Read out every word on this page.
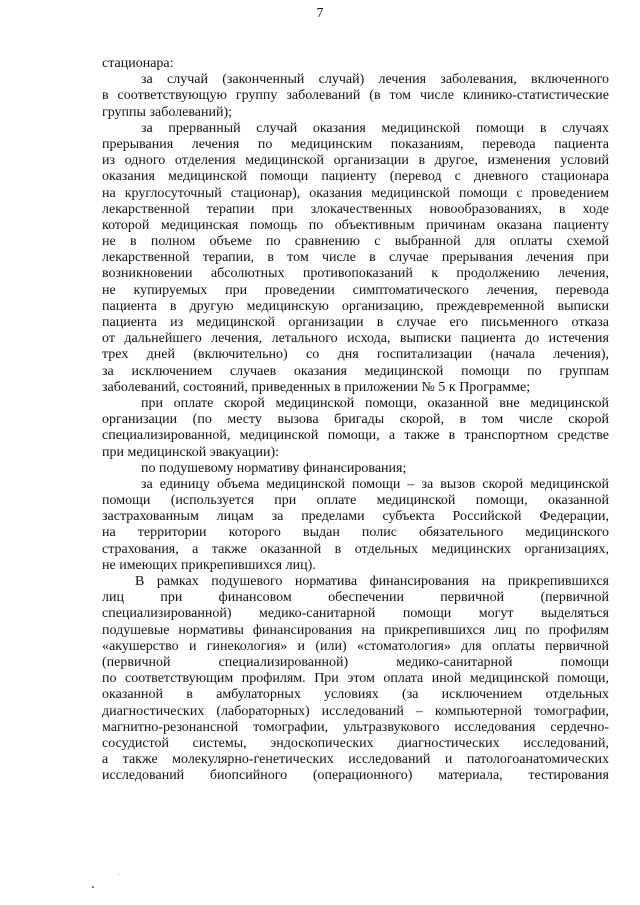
7
стационара:
за случай (законченный случай) лечения заболевания, включенного
в соответствующую группу заболеваний (в том числе клинико-статистические
группы заболеваний);
за прерванный случай оказания медицинской помощи в случаях
прерывания лечения по медицинским показаниям, перевода пациента
из одного отделения медицинской организации в другое, изменения условий
оказания медицинской помощи пациенту (перевод с дневного стационара
на круглосуточный стационар), оказания медицинской помощи с проведением
лекарственной терапии при злокачественных новообразованиях, в ходе
которой медицинская помощь по объективным причинам оказана пациенту
не в полном объеме по сравнению с выбранной для оплаты схемой
лекарственной терапии, в том числе в случае прерывания лечения при
возникновении абсолютных противопоказаний к продолжению лечения,
не купируемых при проведении симптоматического лечения, перевода
пациента в другую медицинскую организацию, преждевременной выписки
пациента из медицинской организации в случае его письменного отказа
от дальнейшего лечения, летального исхода, выписки пациента до истечения
трех дней (включительно) со дня госпитализации (начала лечения),
за исключением случаев оказания медицинской помощи по группам
заболеваний, состояний, приведенных в приложении № 5 к Программе;
при оплате скорой медицинской помощи, оказанной вне медицинской
организации (по месту вызова бригады скорой, в том числе скорой
специализированной, медицинской помощи, а также в транспортном средстве
при медицинской эвакуации):
по подушевому нормативу финансирования;
за единицу объема медицинской помощи – за вызов скорой медицинской
помощи (используется при оплате медицинской помощи, оказанной
застрахованным лицам за пределами субъекта Российской Федерации,
на территории которого выдан полис обязательного медицинского
страхования, а также оказанной в отдельных медицинских организациях,
не имеющих прикрепившихся лиц).
В рамках подушевого норматива финансирования на прикрепившихся
лиц при финансовом обеспечении первичной (первичной
специализированной) медико-санитарной помощи могут выделяться
подушевые нормативы финансирования на прикрепившихся лиц по профилям
«акушерство и гинекология» и (или) «стоматология» для оплаты первичной
(первичной специализированной) медико-санитарной помощи
по соответствующим профилям. При этом оплата иной медицинской помощи,
оказанной в амбулаторных условиях (за исключением отдельных
диагностических (лабораторных) исследований – компьютерной томографии,
магнитно-резонансной томографии, ультразвукового исследования сердечно-
сосудистой системы, эндоскопических диагностических исследований,
а также молекулярно-генетических исследований и патологоанатомических
исследований биопсийного (операционного) материала, тестирования
